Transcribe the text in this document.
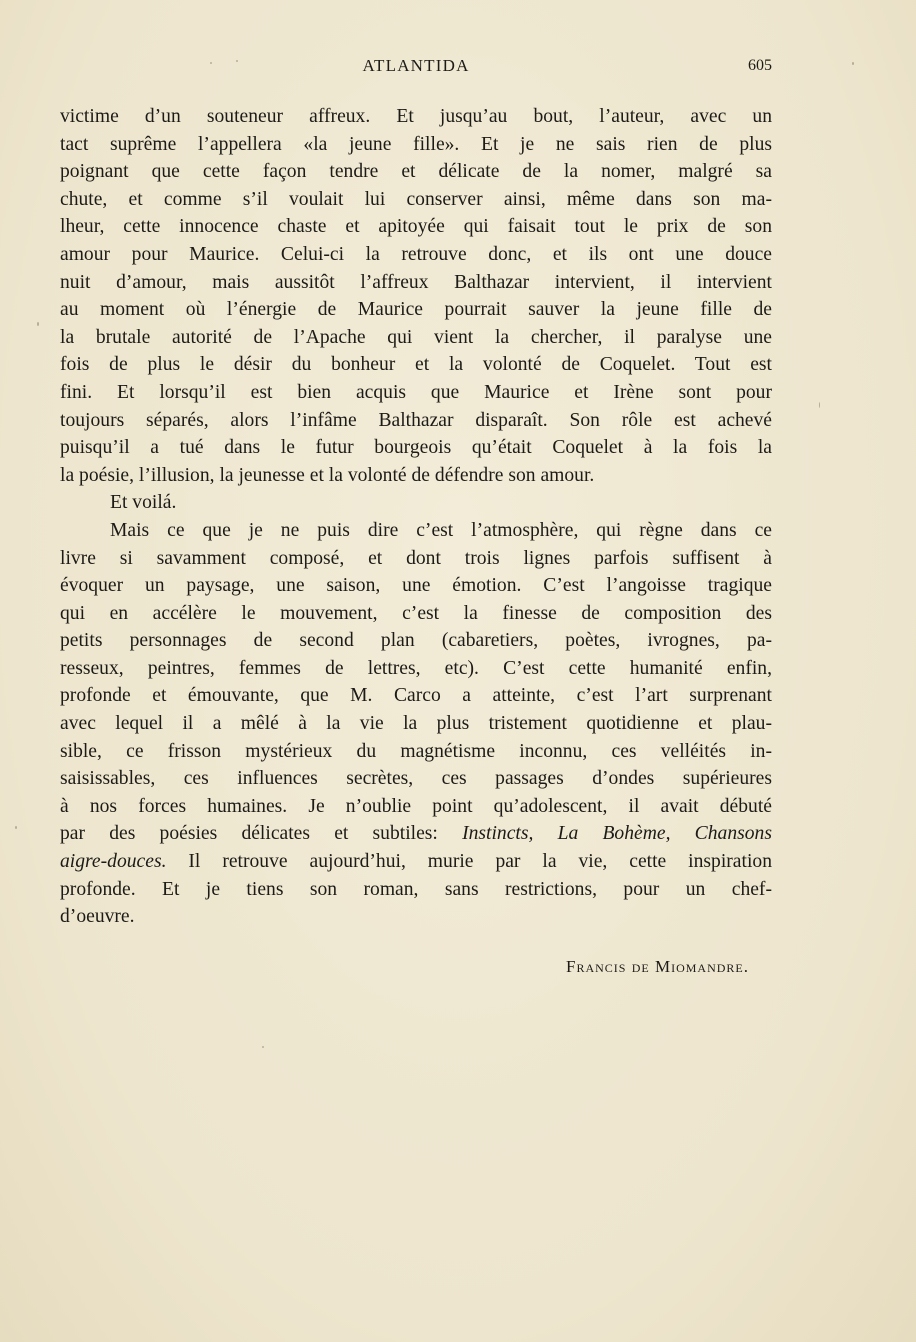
ATLANTIDA	605
victime d’un souteneur affreux. Et jusqu’au bout, l’auteur, avec un
tact suprême l’appellera «la jeune fille». Et je ne sais rien de plus
poignant que cette façon tendre et délicate de la nomer, malgré sa
chute, et comme s’il voulait lui conserver ainsi, même dans son ma-
lheur, cette innocence chaste et apitoyée qui faisait tout le prix de son
amour pour Maurice. Celui-ci la retrouve donc, et ils ont une douce
nuit d’amour, mais aussitôt l’affreux Balthazar intervient, il intervient
au moment où l’énergie de Maurice pourrait sauver la jeune fille de
la brutale autorité de l’Apache qui vient la chercher, il paralyse une
fois de plus le désir du bonheur et la volonté de Coquelet. Tout est
fini. Et lorsqu’il est bien acquis que Maurice et Irène sont pour
toujours séparés, alors l’infâme Balthazar disparaît. Son rôle est achevé
puisqu’il a tué dans le futur bourgeois qu’était Coquelet à la fois la
la poésie, l’illusion, la jeunesse et la volonté de défendre son amour.
Et voilá.
Mais ce que je ne puis dire c’est l’atmosphère, qui règne dans ce
livre si savamment composé, et dont trois lignes parfois suffisent à
évoquer un paysage, une saison, une émotion. C’est l’angoisse tragique
qui en accélère le mouvement, c’est la finesse de composition des
petits personnages de second plan (cabaretiers, poètes, ivrognes, pa-
resseux, peintres, femmes de lettres, etc). C’est cette humanité enfin,
profonde et émouvante, que M. Carco a atteinte, c’est l’art surprenant
avec lequel il a mêlé à la vie la plus tristement quotidienne et plau-
sible, ce frisson mystérieux du magnétisme inconnu, ces velléités in-
saisissables, ces influences secrètes, ces passages d’ondes supérieures
à nos forces humaines. Je n’oublie point qu’adolescent, il avait débuté
par des poésies délicates et subtiles: Instincts, La Bohème, Chansons
aigre-douces. Il retrouve aujourd’hui, murie par la vie, cette inspiration
profonde. Et je tiens son roman, sans restrictions, pour un chef-
d’oeuvre.
Francis de Miomandre.
